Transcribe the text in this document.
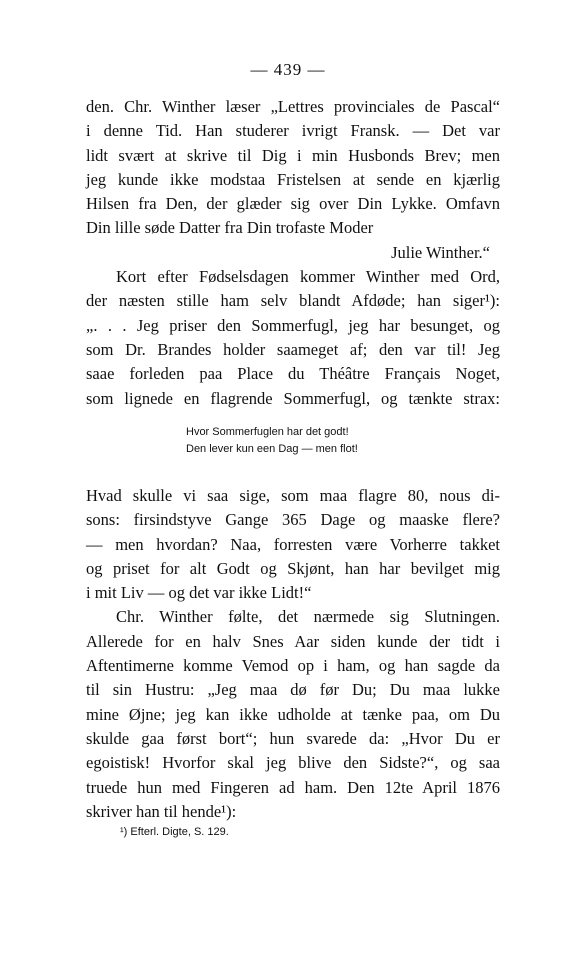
— 439 —
den. Chr. Winther læser „Lettres provinciales de Pascal“
i denne Tid. Han studerer ivrigt Fransk. — Det var
lidt svært at skrive til Dig i min Husbonds Brev; men
jeg kunde ikke modstaa Fristelsen at sende en kjærlig
Hilsen fra Den, der glæder sig over Din Lykke. Omfavn
Din lille søde Datter fra Din trofaste Moder
Julie Winther.“
Kort efter Fødselsdagen kommer Winther med Ord,
der næsten stille ham selv blandt Afdøde; han siger¹):
„. . . Jeg priser den Sommerfugl, jeg har besunget, og
som Dr. Brandes holder saameget af; den var til! Jeg
saae forleden paa Place du Théâtre Français Noget,
som lignede en flagrende Sommerfugl, og tænkte strax:
Hvor Sommerfuglen har det godt!
Den lever kun een Dag — men flot!
Hvad skulle vi saa sige, som maa flagre 80, nous di-
sons: firsindstyve Gange 365 Dage og maaske flere?
— men hvordan? Naa, forresten være Vorherre takket
og priset for alt Godt og Skjønt, han har bevilget mig
i mit Liv — og det var ikke Lidt!“
Chr. Winther følte, det nærmede sig Slutningen.
Allerede for en halv Snes Aar siden kunde der tidt i
Aftentimerne komme Vemod op i ham, og han sagde da
til sin Hustru: „Jeg maa dø før Du; Du maa lukke
mine Øjne; jeg kan ikke udholde at tænke paa, om Du
skulde gaa først bort“; hun svarede da: „Hvor Du er
egoistisk! Hvorfor skal jeg blive den Sidste?“, og saa
truede hun med Fingeren ad ham. Den 12te April 1876
skriver han til hende¹):
¹) Efterl. Digte, S. 129.
